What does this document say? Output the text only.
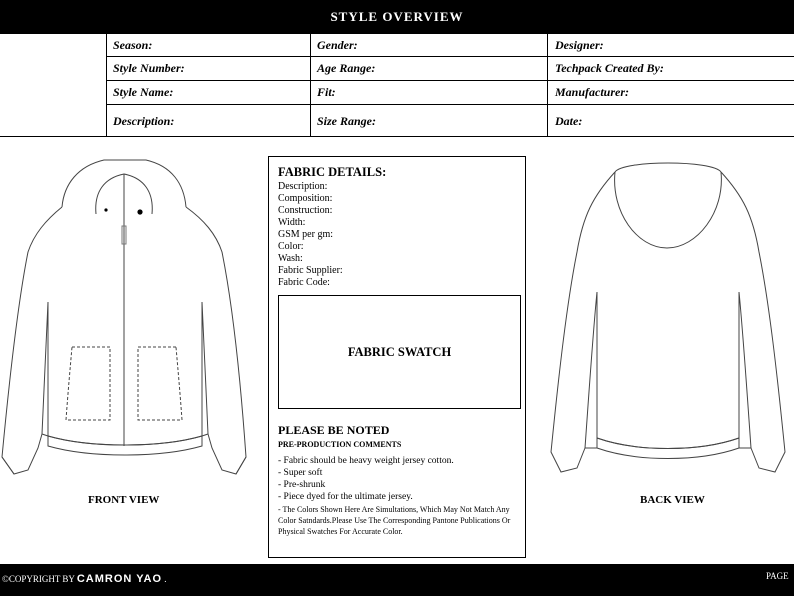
STYLE OVERVIEW
Season:
Style Number:
Style Name:
Description:
Gender:
Age Range:
Fit:
Size Range:
Designer:
Techpack Created By:
Manufacturer:
Date:
FRONT VIEW	BACK VIEW
FABRIC DETAILS:
Description:
Composition:
Construction:
Width:
GSM per gm:
Color:
Wash:
Fabric Supplier:
Fabric Code:
FABRIC SWATCH
PLEASE BE NOTED
PRE-PRODUCTION COMMENTS
- Fabric should be heavy weight jersey cotton.
- Super soft
- Pre-shrunk
- Piece dyed for the ultimate jersey.
- The Colors Shown Here Are Simultations, Which May Not Match Any Color Satndards.Please Use The Corresponding Pantone Publications Or Physical Swatches For Accurate Color.
©COPYRIGHT BY CAMRON YAO .	PAGE
